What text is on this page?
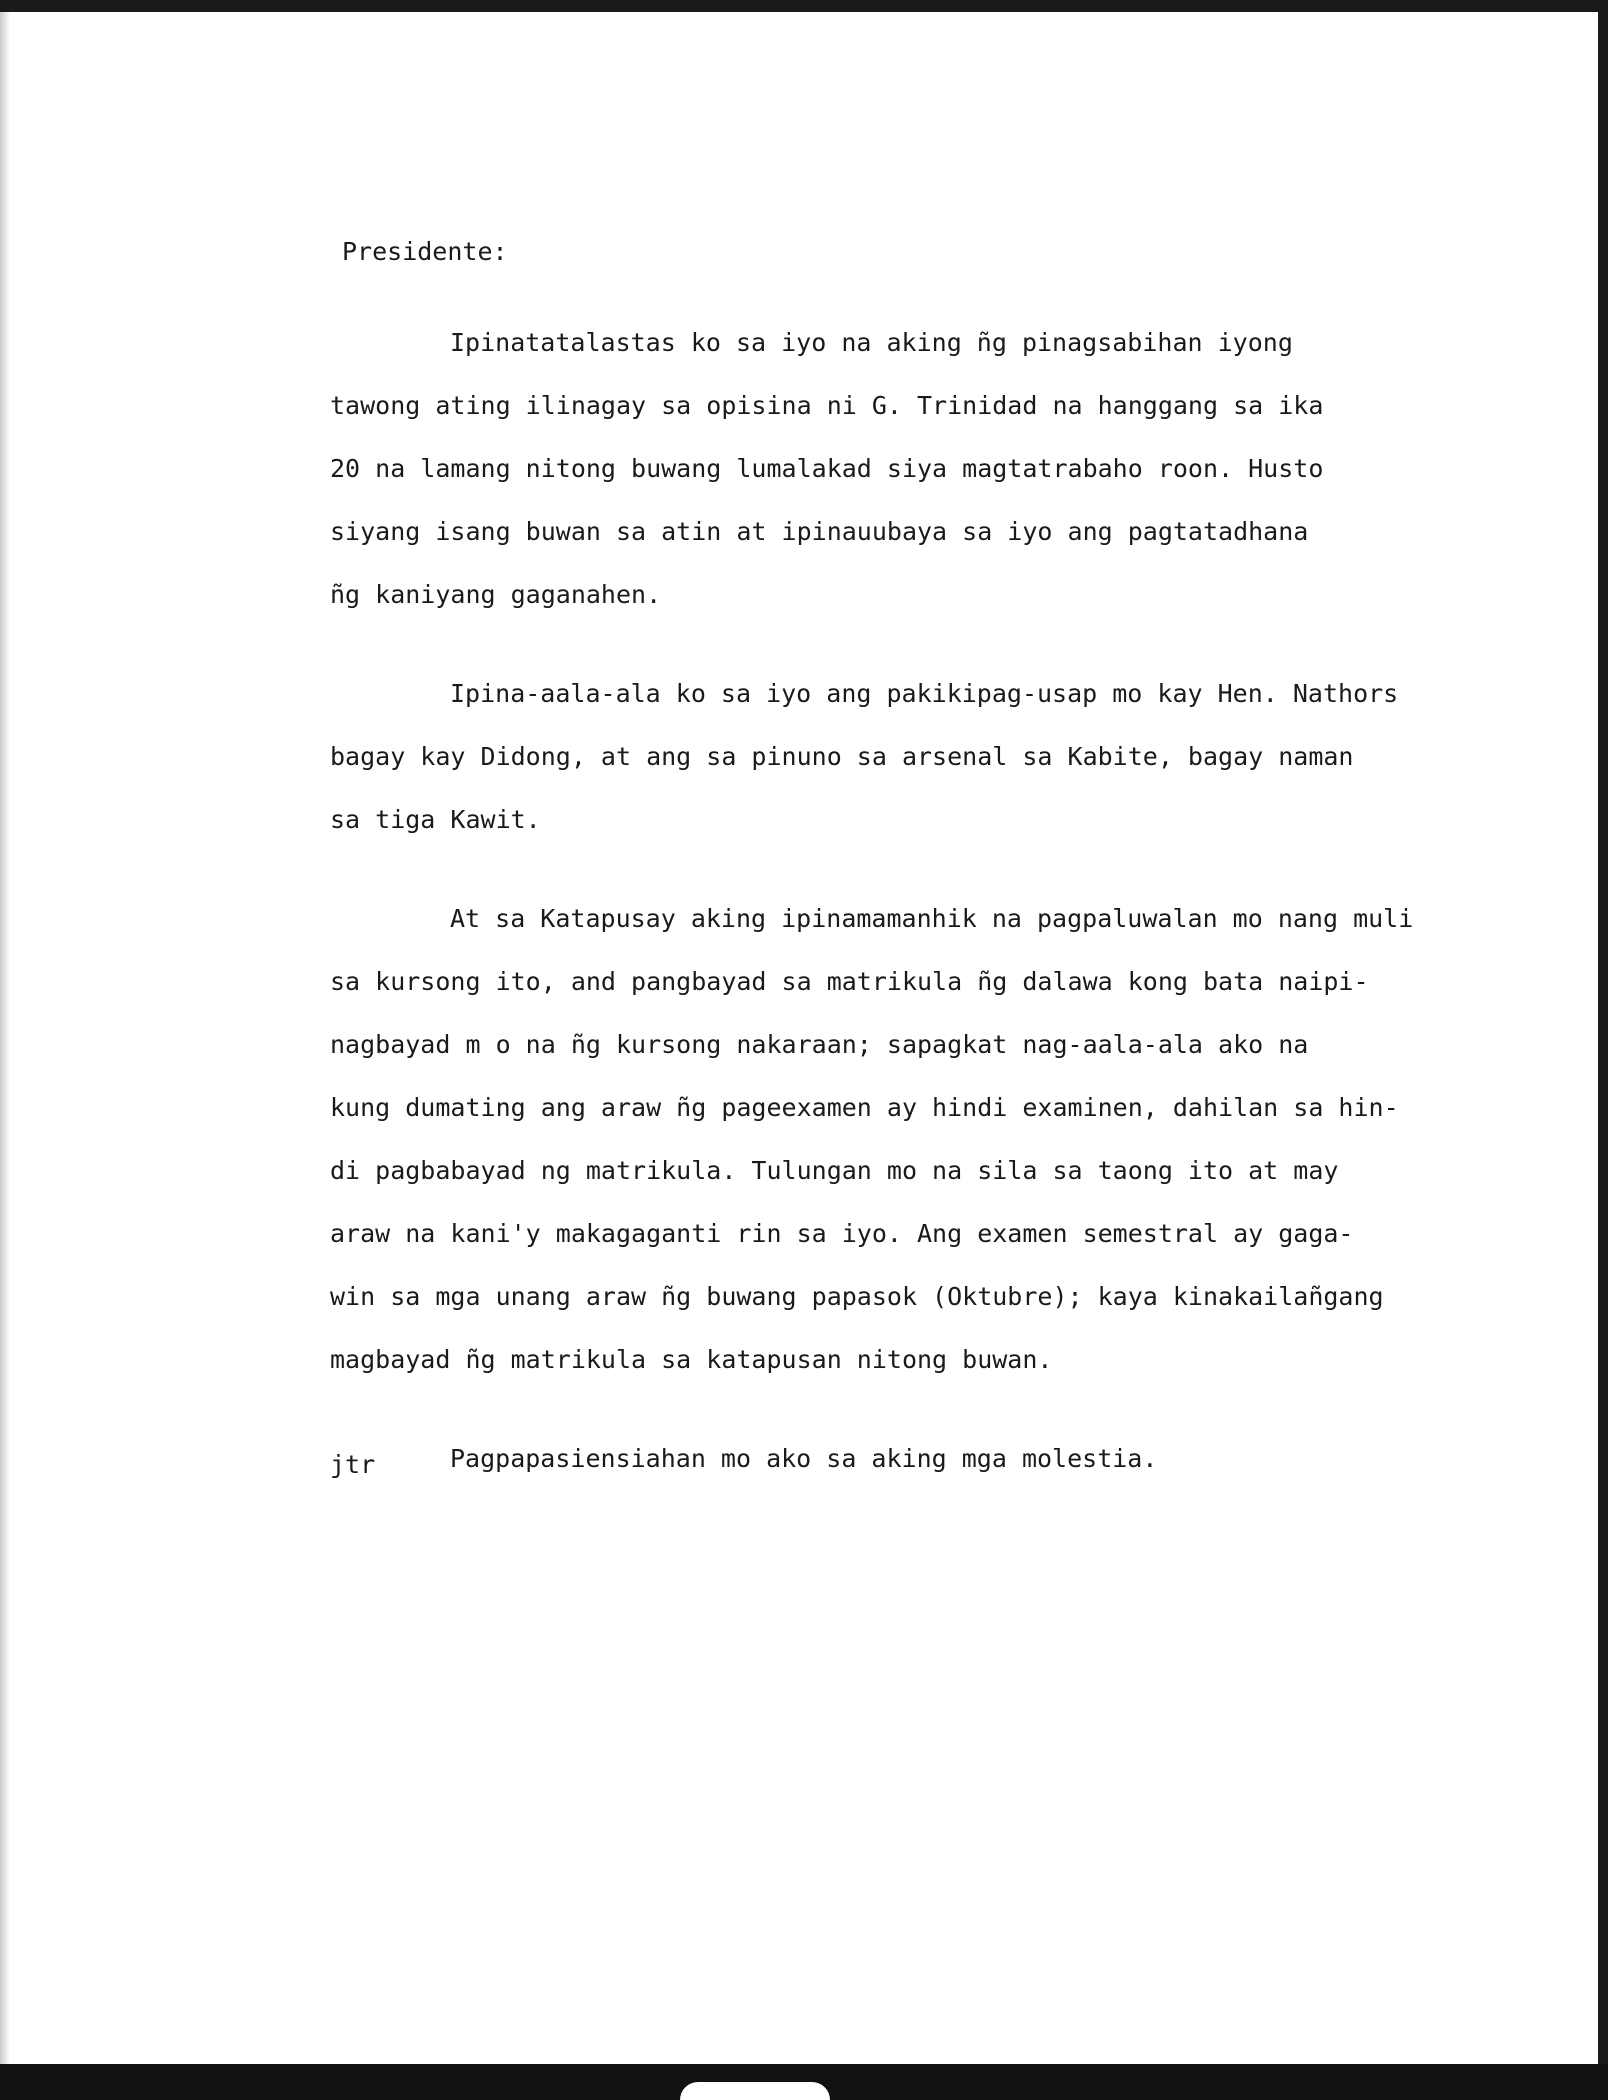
Presidente:
Ipinatatalastas ko sa iyo na aking ñg pinagsabihan iyong
tawong ating ilinagay sa opisina ni G. Trinidad na hanggang sa ika
20 na lamang nitong buwang lumalakad siya magtatrabaho roon. Husto
siyang isang buwan sa atin at ipinauubaya sa iyo ang pagtatadhana
ñg kaniyang gaganahen.
Ipina-aala-ala ko sa iyo ang pakikipag-usap mo kay Hen. Nathors
bagay kay Didong, at ang sa pinuno sa arsenal sa Kabite, bagay naman
sa tiga Kawit.
At sa Katapusay aking ipinamamanhik na pagpaluwalan mo nang muli
sa kursong ito, and pangbayad sa matrikula ñg dalawa kong bata naipi-
nagbayad m o na ñg kursong nakaraan; sapagkat nag-aala-ala ako na
kung dumating ang araw ñg pageexamen ay hindi examinen, dahilan sa hin-
di pagbabayad ng matrikula. Tulungan mo na sila sa taong ito at may
araw na kani'y makagaganti rin sa iyo. Ang examen semestral ay gaga-
win sa mga unang araw ñg buwang papasok (Oktubre); kaya kinakailañgang
magbayad ñg matrikula sa katapusan nitong buwan.
Pagpapasiensiahan mo ako sa aking mga molestia.
jtr
